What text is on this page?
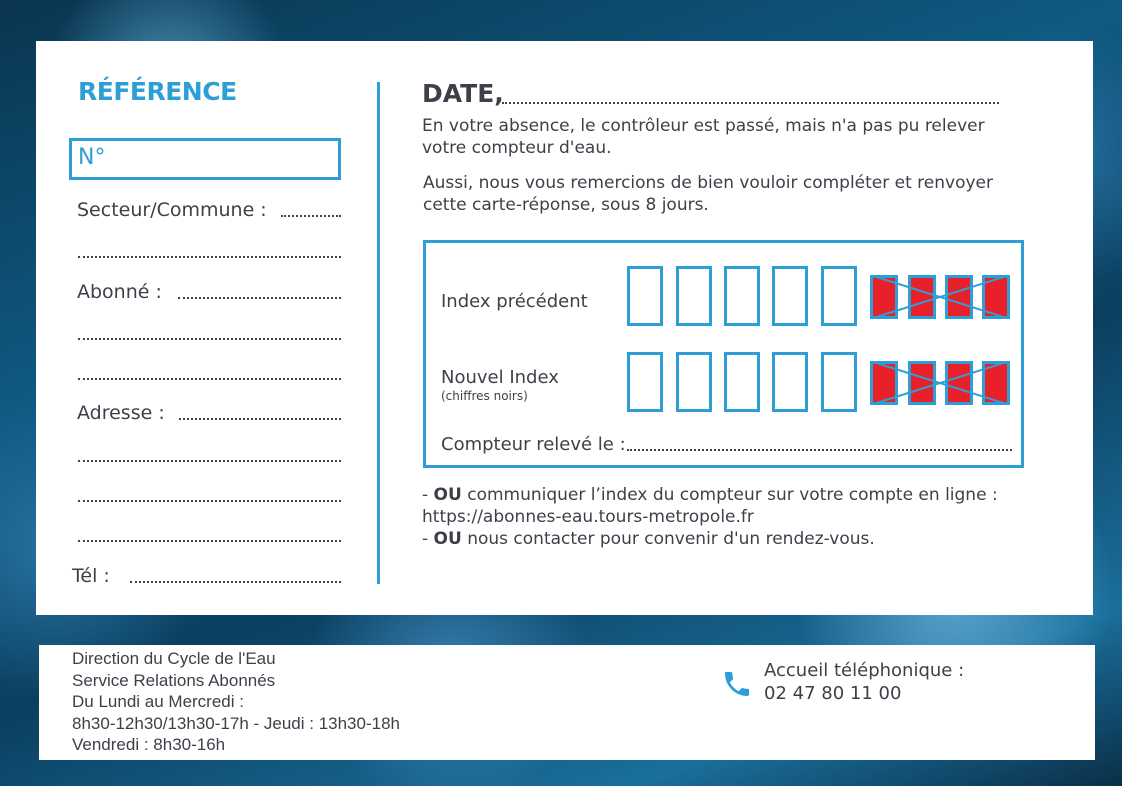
RÉFÉRENCE
N°
Secteur/Commune :
Abonné :
Adresse :
Tél :
DATE,
En votre absence, le contrôleur est passé, mais n'a pas pu relever votre compteur d'eau.
Aussi, nous vous remercions de bien vouloir compléter et renvoyer cette carte-réponse, sous 8 jours.
Index précédent
Nouvel Index
(chiffres noirs)
Compteur relevé le :
- OU communiquer l’index du compteur sur votre compte en ligne :
https://abonnes-eau.tours-metropole.fr
- OU nous contacter pour convenir d'un rendez-vous.
Direction du Cycle de l'Eau
Service Relations Abonnés
Du Lundi au Mercredi :
8h30-12h30/13h30-17h - Jeudi : 13h30-18h
Vendredi : 8h30-16h
Accueil téléphonique :
02 47 80 11 00
